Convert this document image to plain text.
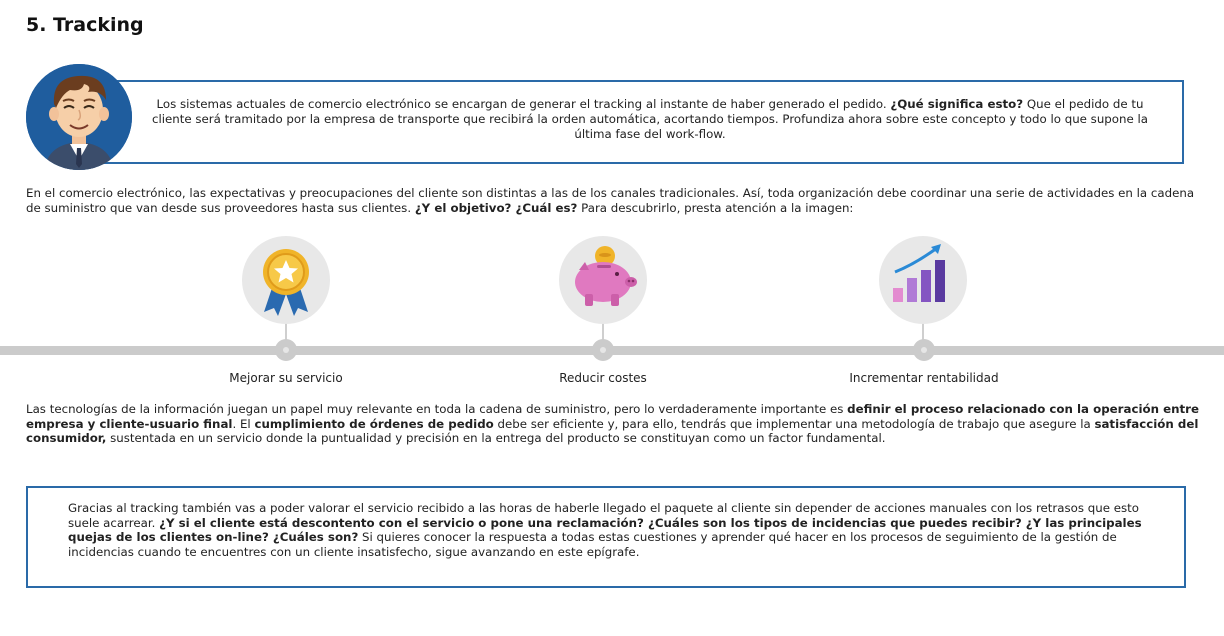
5. Tracking

Los sistemas actuales de comercio electrónico se encargan de generar el tracking al instante de haber generado el pedido. ¿Qué significa esto? Que el pedido de tu cliente será tramitado por la empresa de transporte que recibirá la orden automática, acortando tiempos. Profundiza ahora sobre este concepto y todo lo que supone la última fase del work-flow.

En el comercio electrónico, las expectativas y preocupaciones del cliente son distintas a las de los canales tradicionales. Así, toda organización debe coordinar una serie de actividades en la cadena de suministro que van desde sus proveedores hasta sus clientes. ¿Y el objetivo? ¿Cuál es? Para descubrirlo, presta atención a la imagen:

Mejorar su servicio	Reducir costes	Incrementar rentabilidad

Las tecnologías de la información juegan un papel muy relevante en toda la cadena de suministro, pero lo verdaderamente importante es definir el proceso relacionado con la operación entre empresa y cliente-usuario final. El cumplimiento de órdenes de pedido debe ser eficiente y, para ello, tendrás que implementar una metodología de trabajo que asegure la satisfacción del consumidor, sustentada en un servicio donde la puntualidad y precisión en la entrega del producto se constituyan como un factor fundamental.

Gracias al tracking también vas a poder valorar el servicio recibido a las horas de haberle llegado el paquete al cliente sin depender de acciones manuales con los retrasos que esto suele acarrear. ¿Y si el cliente está descontento con el servicio o pone una reclamación? ¿Cuáles son los tipos de incidencias que puedes recibir? ¿Y las principales quejas de los clientes on-line? ¿Cuáles son? Si quieres conocer la respuesta a todas estas cuestiones y aprender qué hacer en los procesos de seguimiento de la gestión de incidencias cuando te encuentres con un cliente insatisfecho, sigue avanzando en este epígrafe.
